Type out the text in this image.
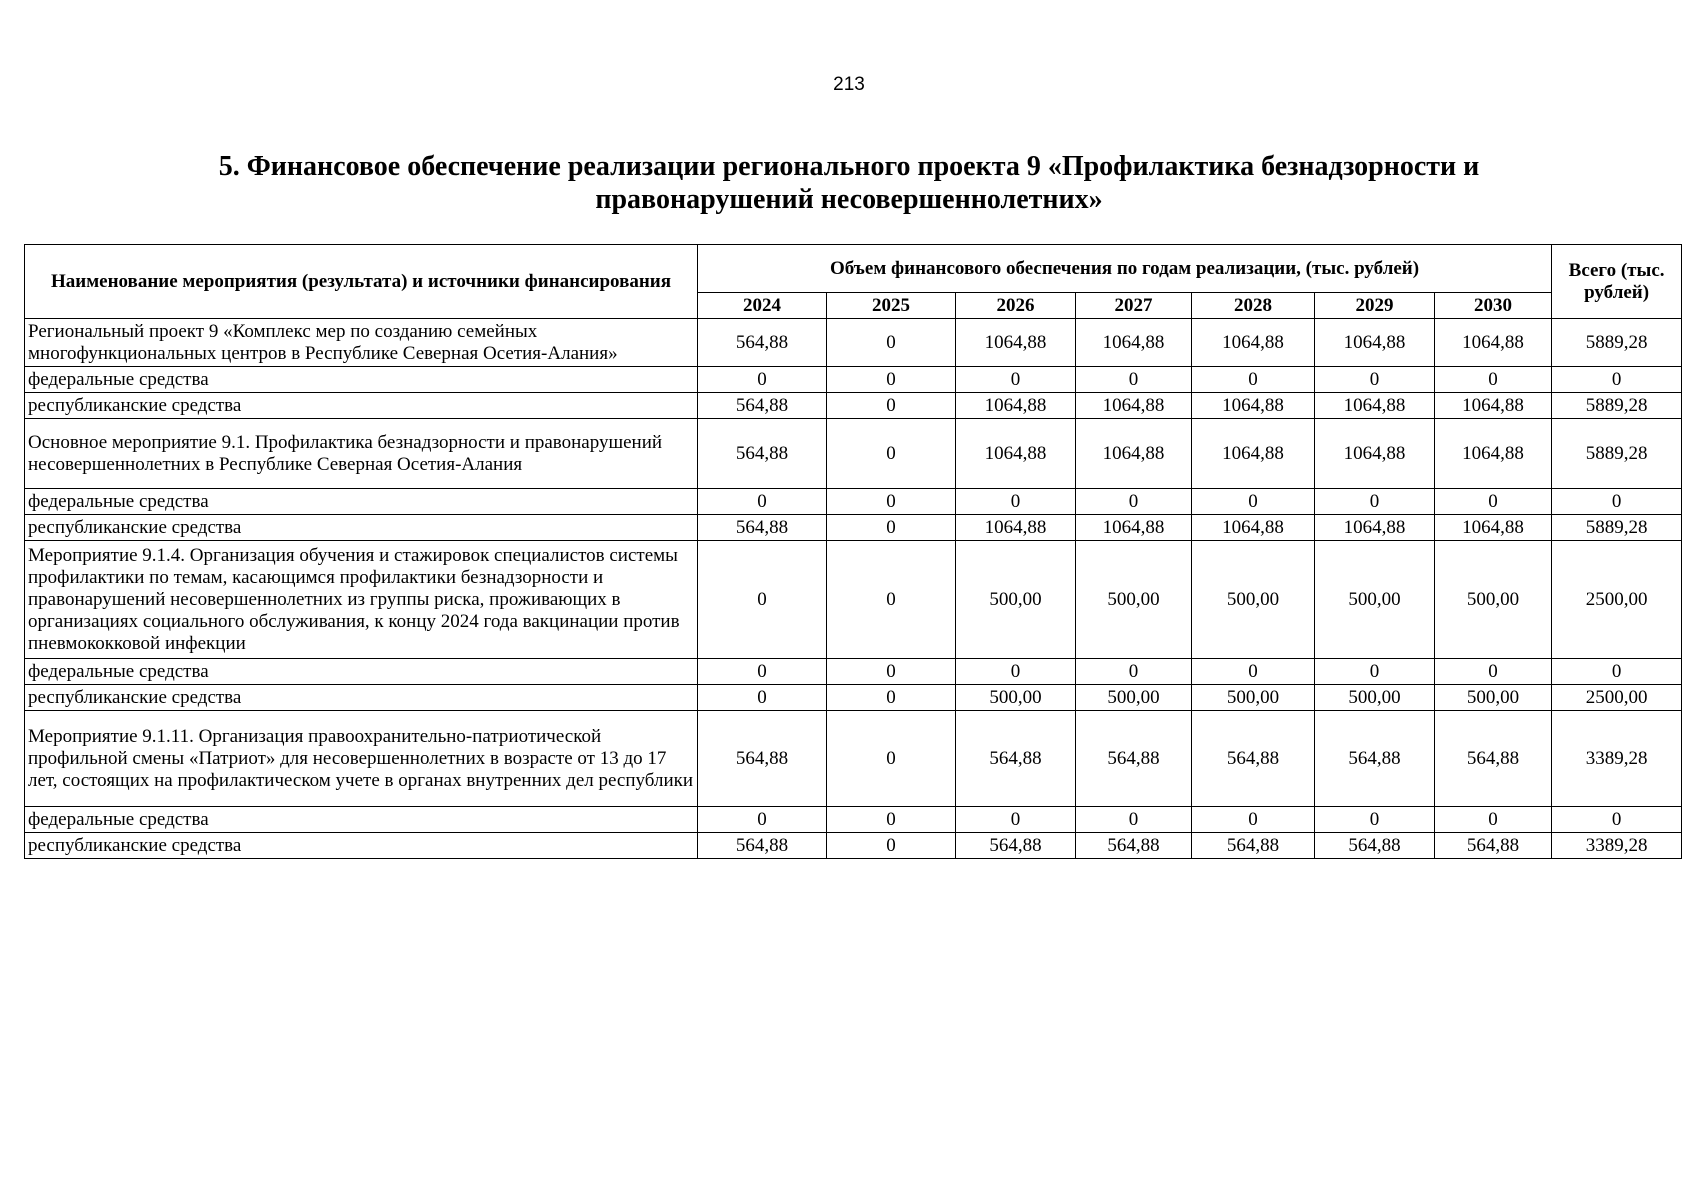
213
5. Финансовое обеспечение реализации регионального проекта 9 «Профилактика безнадзорности и
правонарушений несовершеннолетних»
Наименование мероприятия (результата) и источники финансирования	Объем финансового обеспечения по годам реализации, (тыс. рублей)							Всего (тыс. рублей)
	2024	2025	2026	2027	2028	2029	2030	
Региональный проект 9 «Комплекс мер по созданию семейных многофункциональных центров в Республике Северная Осетия-Алания»	564,88	0	1064,88	1064,88	1064,88	1064,88	1064,88	5889,28
федеральные средства	0	0	0	0	0	0	0	0
республиканские средства	564,88	0	1064,88	1064,88	1064,88	1064,88	1064,88	5889,28
Основное мероприятие 9.1. Профилактика безнадзорности и правонарушений несовершеннолетних в Республике Северная Осетия-Алания	564,88	0	1064,88	1064,88	1064,88	1064,88	1064,88	5889,28
федеральные средства	0	0	0	0	0	0	0	0
республиканские средства	564,88	0	1064,88	1064,88	1064,88	1064,88	1064,88	5889,28
Мероприятие 9.1.4. Организация обучения и стажировок специалистов системы профилактики по темам, касающимся профилактики безнадзорности и правонарушений несовершеннолетних из группы риска, проживающих в организациях социального обслуживания, к концу 2024 года вакцинации против пневмококковой инфекции	0	0	500,00	500,00	500,00	500,00	500,00	2500,00
федеральные средства	0	0	0	0	0	0	0	0
республиканские средства	0	0	500,00	500,00	500,00	500,00	500,00	2500,00
Мероприятие 9.1.11. Организация правоохранительно-патриотической профильной смены «Патриот» для несовершеннолетних в возрасте от 13 до 17 лет, состоящих на профилактическом учете в органах внутренних дел республики	564,88	0	564,88	564,88	564,88	564,88	564,88	3389,28
федеральные средства	0	0	0	0	0	0	0	0
республиканские средства	564,88	0	564,88	564,88	564,88	564,88	564,88	3389,28
